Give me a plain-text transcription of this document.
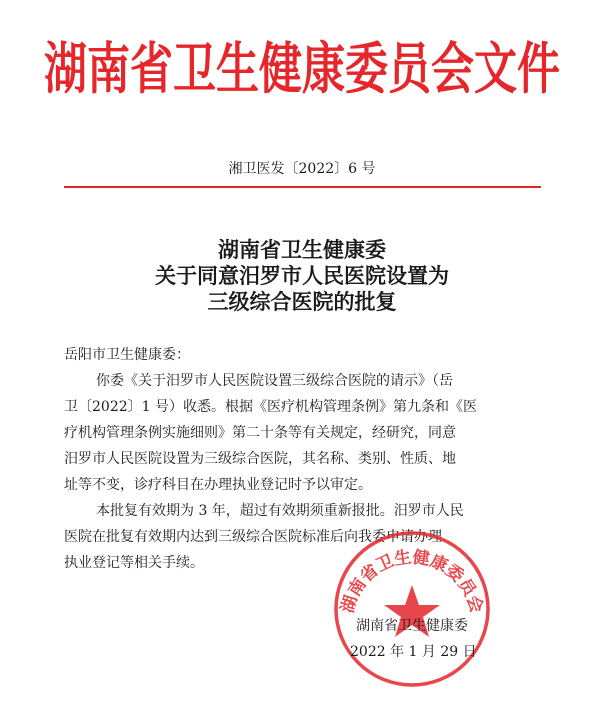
湖南省卫生健康委员会文件
湘卫医发〔2022〕6 号
湖南省卫生健康委
关于同意汨罗市人民医院设置为
三级综合医院的批复

岳阳市卫生健康委：

你委《关于汨罗市人民医院设置三级综合医院的请示》（岳

卫〔2022〕1 号）收悉。根据《医疗机构管理条例》第九条和《医

疗机构管理条例实施细则》第二十条等有关规定，经研究，同意

汨罗市人民医院设置为三级综合医院，其名称、类别、性质、地

址等不变，诊疗科目在办理执业登记时予以审定。

本批复有效期为 3 年，超过有效期须重新报批。汨罗市人民

医院在批复有效期内达到三级综合医院标准后向我委申请办理

执业登记等相关手续。

湖南省卫生健康委员会
湖南省卫生健康委
2022 年 1 月 29 日
